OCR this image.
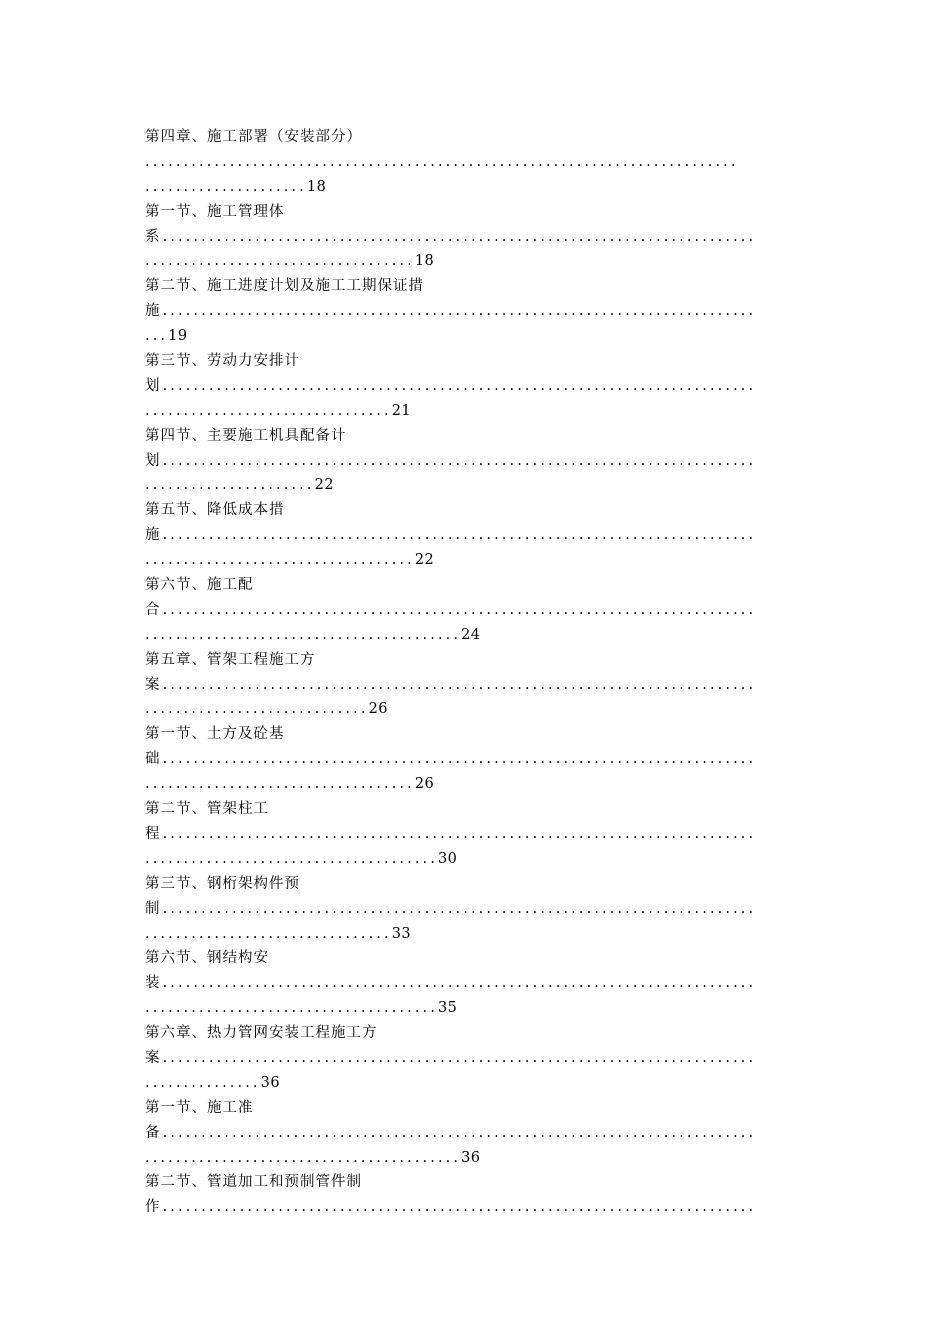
第四章、施工部署（安装部分）
.............................................................................
.....................18
第一节、施工管理体
系.............................................................................
...................................18
第二节、施工进度计划及施工工期保证措
施.............................................................................
...19
第三节、劳动力安排计
划.............................................................................
................................21
第四节、主要施工机具配备计
划.............................................................................
......................22
第五节、降低成本措
施.............................................................................
...................................22
第六节、施工配
合.............................................................................
.........................................24
第五章、管架工程施工方
案.............................................................................
.............................26
第一节、土方及砼基
础.............................................................................
...................................26
第二节、管架柱工
程.............................................................................
......................................30
第三节、钢桁架构件预
制.............................................................................
................................33
第六节、钢结构安
装.............................................................................
......................................35
第六章、热力管网安装工程施工方
案.............................................................................
...............36
第一节、施工准
备.............................................................................
.........................................36
第二节、管道加工和预制管件制
作.............................................................................
